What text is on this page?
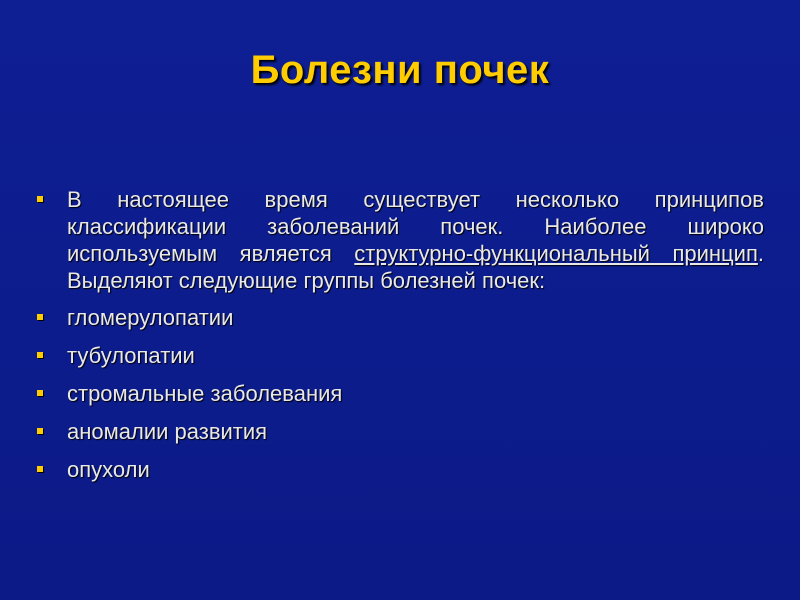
Болезни почек
В настоящее время существует несколько принципов классификации заболеваний почек. Наиболее широко используемым является структурно-функциональный принцип. Выделяют следующие группы болезней почек:
гломерулопатии
тубулопатии
стромальные заболевания
аномалии развития
опухоли
